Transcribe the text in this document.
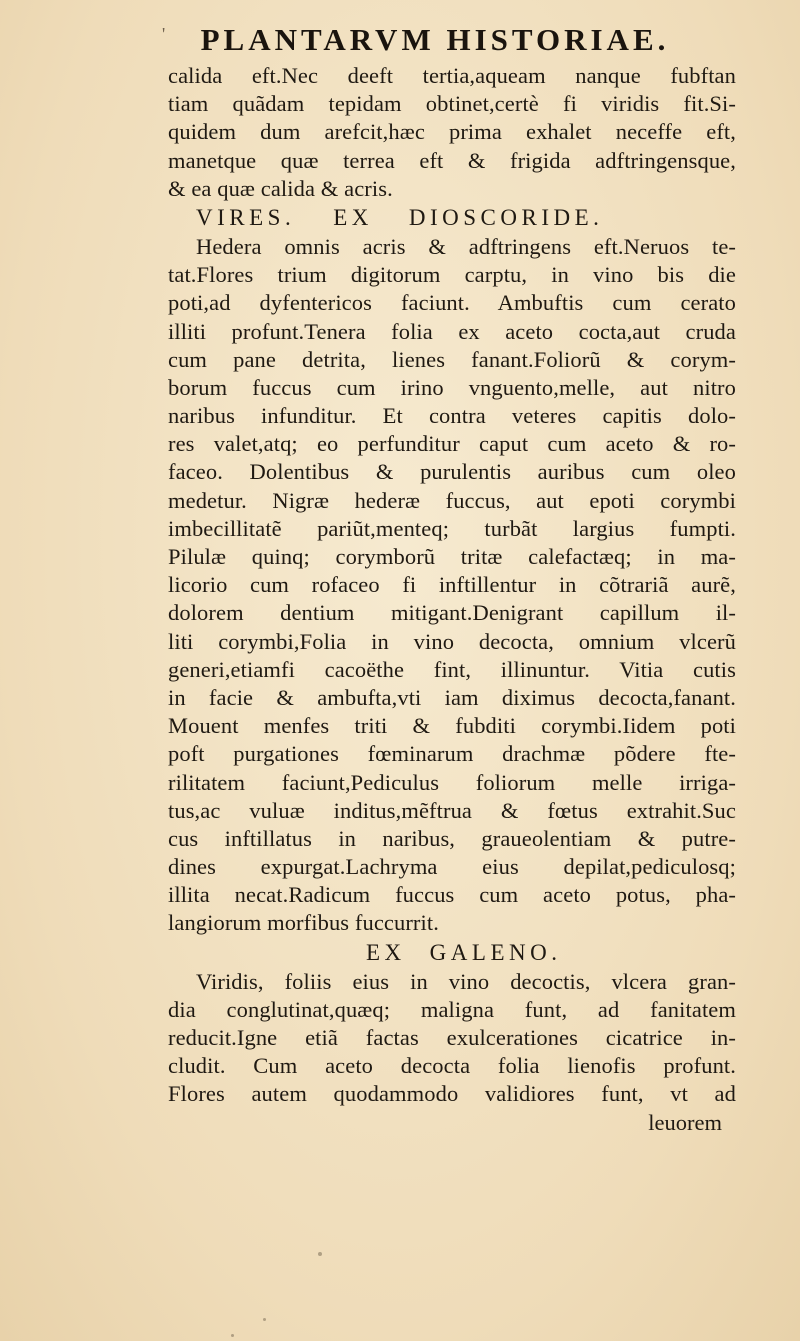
' PLANTARVM HISTORIAE.
calida eft.Nec deeft tertia,aqueam nanque fubftan
tiam quãdam tepidam obtinet,certè fi viridis fit.Si-
quidem dum arefcit,hæc prima exhalet neceffe eft,
manetque quæ terrea eft & frigida adftringensque,
& ea quæ calida & acris.
VIRES. EX DIOSCORIDE.
Hedera omnis acris & adftringens eft.Neruos te-
tat.Flores trium digitorum carptu, in vino bis die
poti,ad dyfentericos faciunt. Ambuftis cum cerato
illiti profunt.Tenera folia ex aceto cocta,aut cruda
cum pane detrita, lienes fanant.Foliorũ & corym-
borum fuccus cum irino vnguento,melle, aut nitro
naribus infunditur. Et contra veteres capitis dolo-
res valet,atq; eo perfunditur caput cum aceto & ro-
faceo. Dolentibus & purulentis auribus cum oleo
medetur. Nigræ hederæ fuccus, aut epoti corymbi
imbecillitatẽ pariũt,menteq; turbãt largius fumpti.
Pilulæ quinq; corymborũ tritæ calefactæq; in ma-
licorio cum rofaceo fi inftillentur in cõtrariã aurẽ,
dolorem dentium mitigant.Denigrant capillum il-
liti corymbi,Folia in vino decocta, omnium vlcerũ
generi,etiamfi cacoëthe fint, illinuntur. Vitia cutis
in facie & ambufta,vti iam diximus decocta,fanant.
Mouent menfes triti & fubditi corymbi.Iidem poti
poft purgationes fœminarum drachmæ põdere fte-
rilitatem faciunt,Pediculus foliorum melle irriga-
tus,ac vuluæ inditus,mẽftrua & fœtus extrahit.Suc
cus inftillatus in naribus, graueolentiam & putre-
dines expurgat.Lachryma eius depilat,pediculosq;
illita necat.Radicum fuccus cum aceto potus, pha-
langiorum morfibus fuccurrit.
EX GALENO.
Viridis, foliis eius in vino decoctis, vlcera gran-
dia conglutinat,quæq; maligna funt, ad fanitatem
reducit.Igne etiã factas exulcerationes cicatrice in-
cludit. Cum aceto decocta folia lienofis profunt.
Flores autem quodammodo validiores funt, vt ad
leuorem
